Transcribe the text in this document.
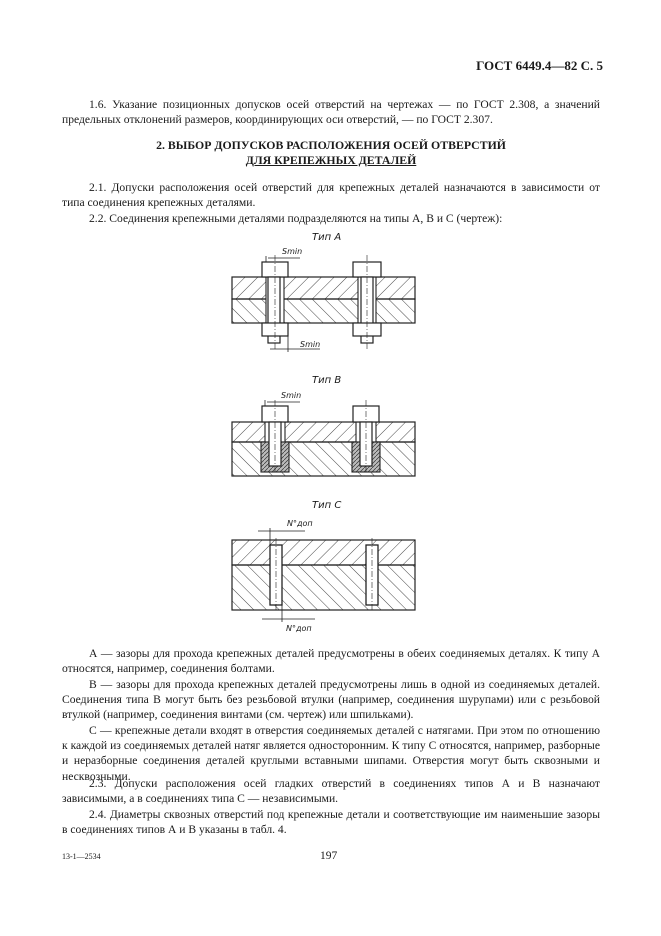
ГОСТ 6449.4—82 С. 5

1.6. Указание позиционных допусков осей отверстий на чертежах — по ГОСТ 2.308, а значений предельных отклонений размеров, координирующих оси отверстий, — по ГОСТ 2.307.

2. ВЫБОР ДОПУСКОВ РАСПОЛОЖЕНИЯ ОСЕЙ ОТВЕРСТИЙ
ДЛЯ КРЕПЕЖНЫХ ДЕТАЛЕЙ

2.1. Допуски расположения осей отверстий для крепежных деталей назначаются в зависимости от типа соединения крепежных деталями.

2.2. Соединения крепежными деталями подразделяются на типы А, В и С (чертеж):

Тип А
Smin
Smin
Тип В
Smin
Тип С
N°доп
N°доп

А — зазоры для прохода крепежных деталей предусмотрены в обеих соединяемых деталях. К типу А относятся, например, соединения болтами.

В — зазоры для прохода крепежных деталей предусмотрены лишь в одной из соединяемых деталей. Соединения типа В могут быть без резьбовой втулки (например, соединения шурупами) или с резьбовой втулкой (например, соединения винтами (см. чертеж) или шпильками).

С — крепежные детали входят в отверстия соединяемых деталей с натягами. При этом по отношению к каждой из соединяемых деталей натяг является односторонним. К типу С относятся, например, разборные и неразборные соединения деталей круглыми вставными шипами. Отверстия могут быть сквозными и несквозными.

2.3. Допуски расположения осей гладких отверстий в соединениях типов А и В назначают зависимыми, а в соединениях типа С — независимыми.

2.4. Диаметры сквозных отверстий под крепежные детали и соответствующие им наименьшие зазоры в соединениях типов А и В указаны в табл. 4.

13-1—2534	197
